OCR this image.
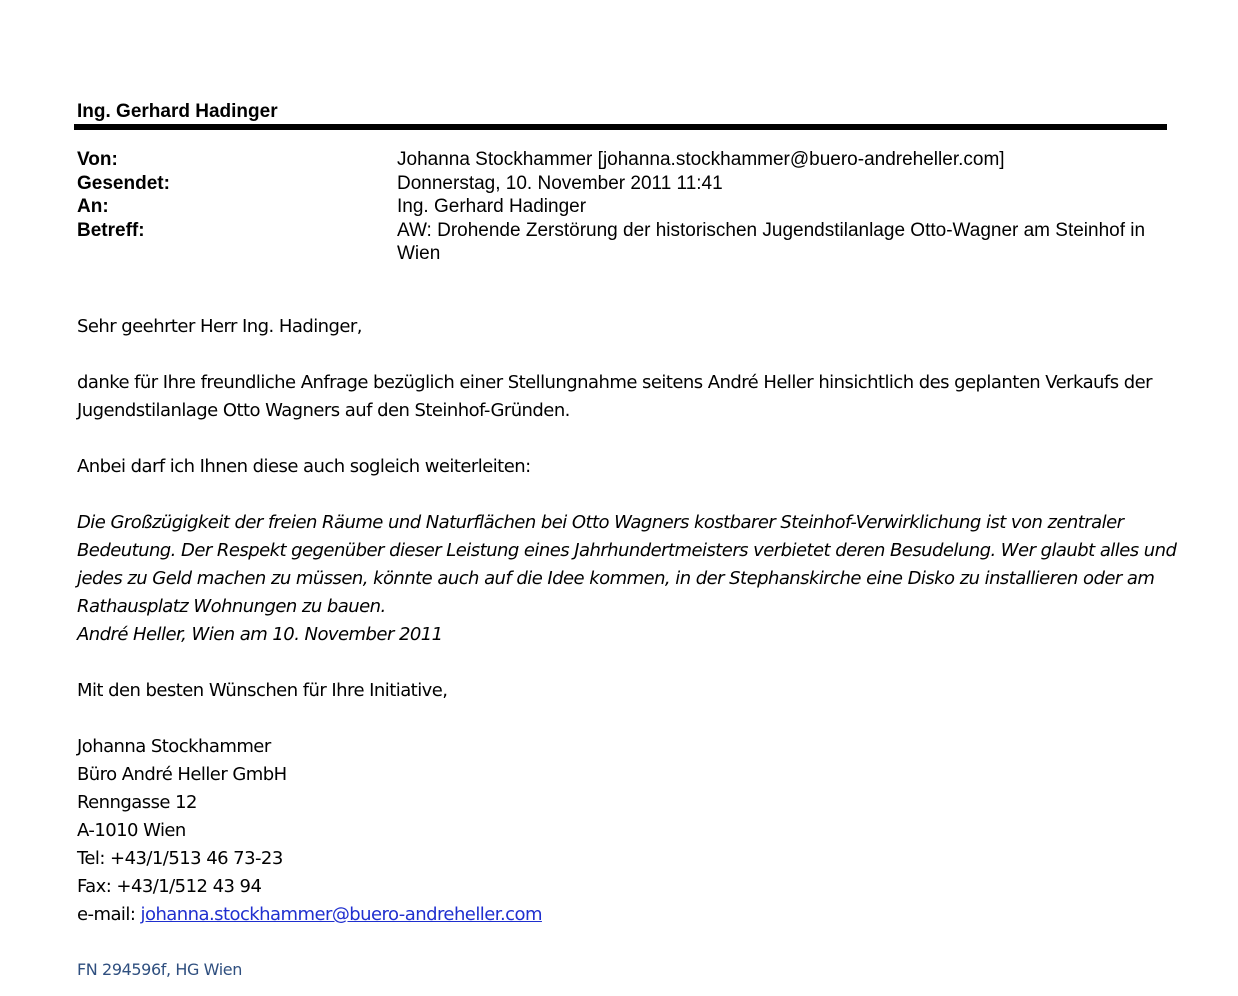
Ing. Gerhard Hadinger
Von:	Johanna Stockhammer [johanna.stockhammer@buero-andreheller.com]
Gesendet:	Donnerstag, 10. November 2011 11:41
An:	Ing. Gerhard Hadinger
Betreff:	AW: Drohende Zerstörung der historischen Jugendstilanlage Otto-Wagner am Steinhof in Wien

Sehr geehrter Herr Ing. Hadinger,

danke für Ihre freundliche Anfrage bezüglich einer Stellungnahme seitens André Heller hinsichtlich des geplanten Verkaufs der Jugendstilanlage Otto Wagners auf den Steinhof-Gründen.

Anbei darf ich Ihnen diese auch sogleich weiterleiten:

Die Großzügigkeit der freien Räume und Naturflächen bei Otto Wagners kostbarer Steinhof-Verwirklichung ist von zentraler Bedeutung. Der Respekt gegenüber dieser Leistung eines Jahrhundertmeisters verbietet deren Besudelung. Wer glaubt alles und jedes zu Geld machen zu müssen, könnte auch auf die Idee kommen, in der Stephanskirche eine Disko zu installieren oder am Rathausplatz Wohnungen zu bauen.
André Heller, Wien am 10. November 2011

Mit den besten Wünschen für Ihre Initiative,

Johanna Stockhammer
Büro André Heller GmbH
Renngasse 12
A-1010 Wien
Tel: +43/1/513 46 73-23
Fax: +43/1/512 43 94
e-mail: johanna.stockhammer@buero-andreheller.com

FN 294596f, HG Wien
